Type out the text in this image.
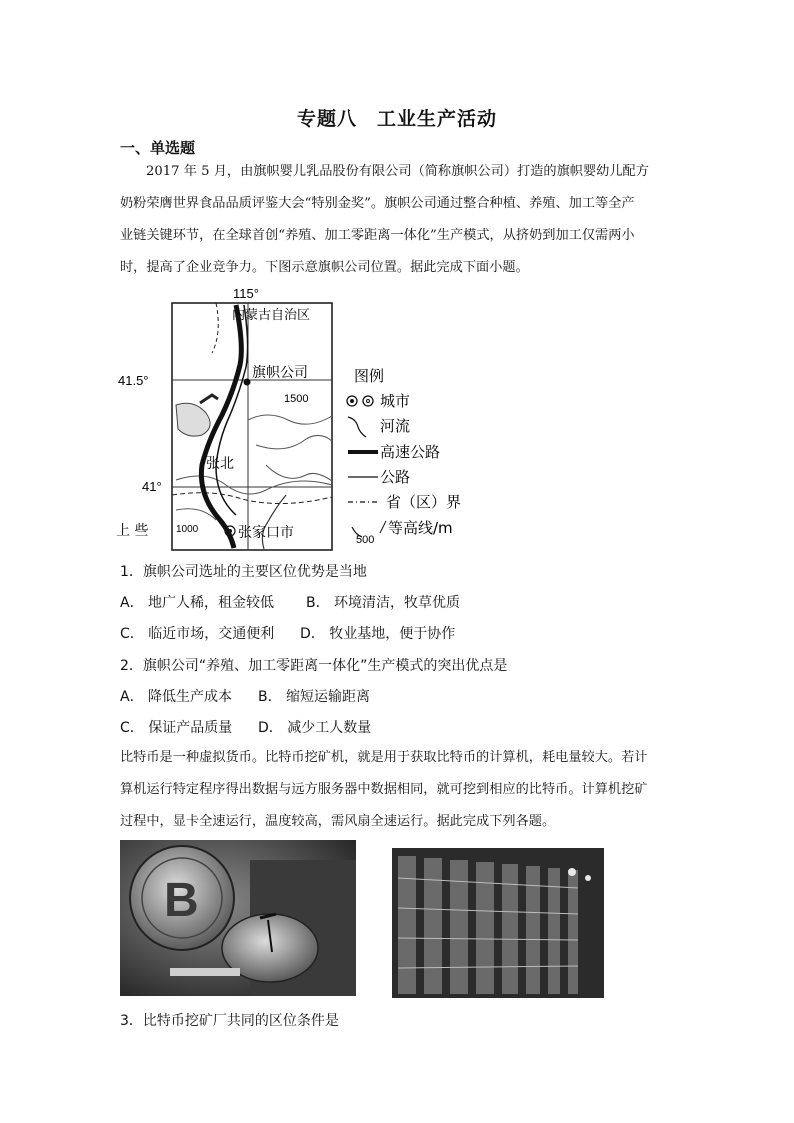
专题八　工业生产活动
一、单选题
2017 年 5 月，由旗帜婴儿乳品股份有限公司（简称旗帜公司）打造的旗帜婴幼儿配方
奶粉荣膺世界食品品质评鉴大会“特别金奖”。旗帜公司通过整合种植、养殖、加工等全产
业链关键环节，在全球首创“养殖、加工零距离一体化”生产模式，从挤奶到加工仅需两小
时，提高了企业竞争力。下图示意旗帜公司位置。据此完成下面小题。
115°
内蒙古自治区
41.5°
41°
旗帜公司
1500
张北
上 些	1000	张家口市
图例
城市
河流
高速公路
公路
省（区）界
500
等高线/m
1．旗帜公司选址的主要区位优势是当地
A． 地广人稀，租金较低 B． 环境清洁，牧草优质
C． 临近市场，交通便利 D． 牧业基地，便于协作
2．旗帜公司“养殖、加工零距离一体化”生产模式的突出优点是
A． 降低生产成本 B． 缩短运输距离
C． 保证产品质量 D． 减少工人数量
比特币是一种虚拟货币。比特币挖矿机，就是用于获取比特币的计算机，耗电量较大。若计
算机运行特定程序得出数据与远方服务器中数据相同，就可挖到相应的比特币。计算机挖矿
过程中，显卡全速运行，温度较高，需风扇全速运行。据此完成下列各题。
B
3．比特币挖矿厂共同的区位条件是
